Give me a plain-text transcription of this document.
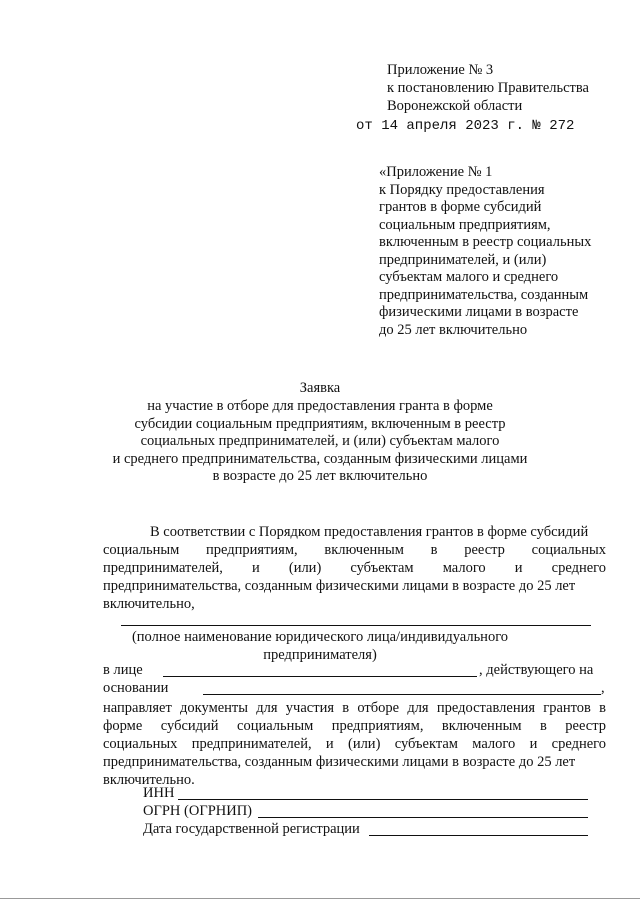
Приложение № 3
к постановлению Правительства
Воронежской области
от 14 апреля 2023 г. № 272
«Приложение № 1
к Порядку предоставления
грантов в форме субсидий
социальным предприятиям,
включенным в реестр социальных
предпринимателей, и (или)
субъектам малого и среднего
предпринимательства, созданным
физическими лицами в возрасте
до 25 лет включительно
Заявка
на участие в отборе для предоставления гранта в форме
субсидии социальным предприятиям, включенным в реестр
социальных предпринимателей, и (или) субъектам малого
и среднего предпринимательства, созданным физическими лицами
в возрасте до 25 лет включительно
В соответствии с Порядком предоставления грантов в форме субсидий
социальным предприятиям, включенным в реестр социальных
предпринимателей, и (или) субъектам малого и среднего
предпринимательства, созданным физическими лицами в возрасте до 25 лет
включительно,
(полное наименование юридического лица/индивидуального
предпринимателя)
в лице	, действующего на
основании	,
направляет документы для участия в отборе для предоставления грантов в
форме субсидий социальным предприятиям, включенным в реестр
социальных предпринимателей, и (или) субъектам малого и среднего
предпринимательства, созданным физическими лицами в возрасте до 25 лет
включительно.
ИНН
ОГРН (ОГРНИП)
Дата государственной регистрации
